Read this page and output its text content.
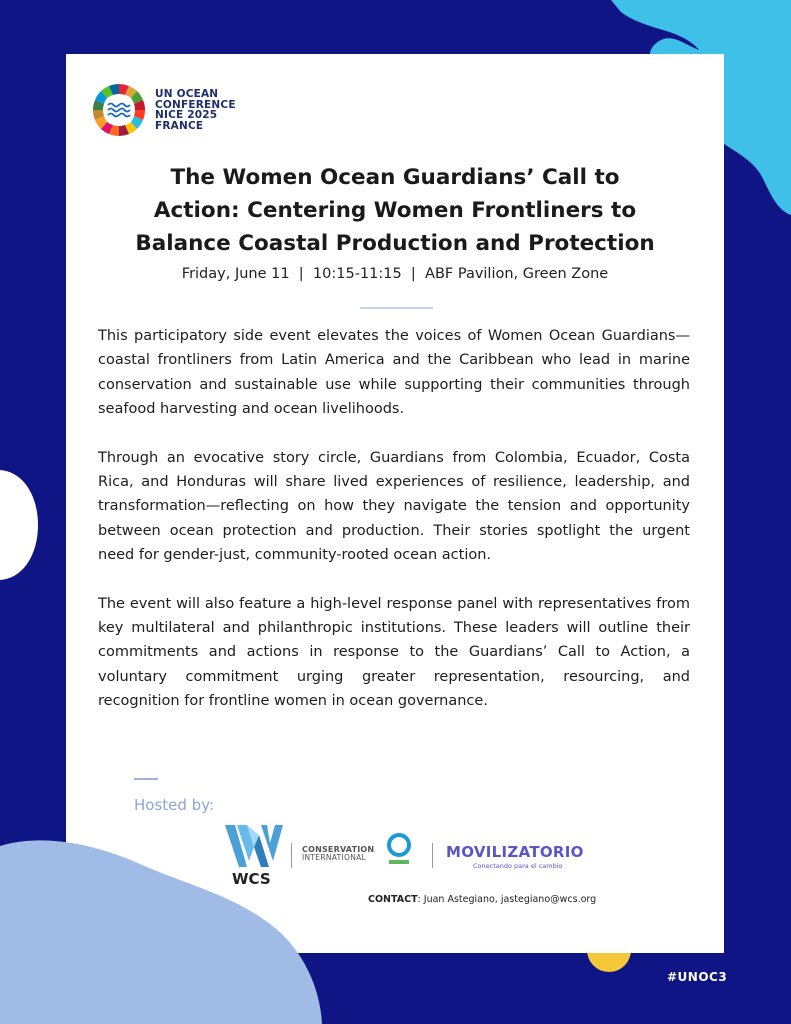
UN OCEAN
CONFERENCE
NICE 2025
FRANCE
The Women Ocean Guardians’ Call to
Action: Centering Women Frontliners to
Balance Coastal Production and Protection
Friday, June 11  |  10:15-11:15  |  ABF Pavilion, Green Zone

This participatory side event elevates the voices of Women Ocean Guardians—coastal frontliners from Latin America and the Caribbean who lead in marine conservation and sustainable use while supporting their communities through seafood harvesting and ocean livelihoods.

Through an evocative story circle, Guardians from Colombia, Ecuador, Costa Rica, and Honduras will share lived experiences of resilience, leadership, and transformation—reflecting on how they navigate the tension and opportunity between ocean protection and production. Their stories spotlight the urgent need for gender-just, community-rooted ocean action.

The event will also feature a high-level response panel with representatives from key multilateral and philanthropic institutions. These leaders will outline their commitments and actions in response to the Guardians’ Call to Action, a voluntary commitment urging greater representation, resourcing, and recognition for frontline women in ocean governance.

Hosted by:
WCS
CONSERVATION
INTERNATIONAL	MOVILIZATORIO
Conectando para el cambio
CONTACT: Juan Astegiano, jastegiano@wcs.org
#UNOC3
